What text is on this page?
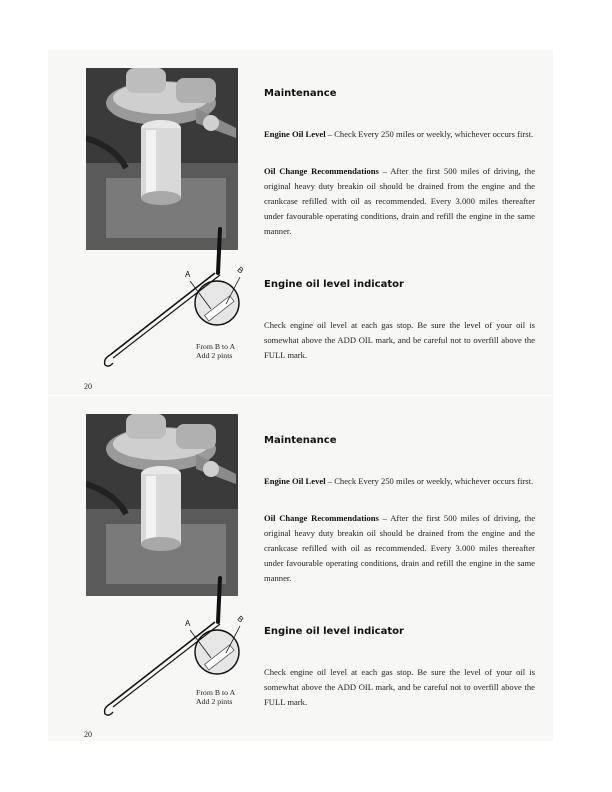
Maintenance
Engine Oil Level – Check Every 250 miles or weekly, whichever occurs first.
Oil Change Recommendations – After the first 500 miles of driving, the original heavy duty breakin oil should be drained from the engine and the crankcase refilled with oil as recommended. Every 3.000 miles thereafter under favourable operating conditions, drain and refill the engine in the same manner.
A	B
Engine oil level indicator
Check engine oil level at each gas stop. Be sure the level of your oil is somewhat above the ADD OIL mark, and be careful not to overfill above the FULL mark.
From B to A
Add 2 pints
20
Maintenance
Engine Oil Level – Check Every 250 miles or weekly, whichever occurs first.
Oil Change Recommendations – After the first 500 miles of driving, the original heavy duty breakin oil should be drained from the engine and the crankcase refilled with oil as recommended. Every 3.000 miles thereafter under favourable operating conditions, drain and refill the engine in the same manner.
A	B
Engine oil level indicator
Check engine oil level at each gas stop. Be sure the level of your oil is somewhat above the ADD OIL mark, and be careful not to overfill above the FULL mark.
From B to A
Add 2 pints
20
